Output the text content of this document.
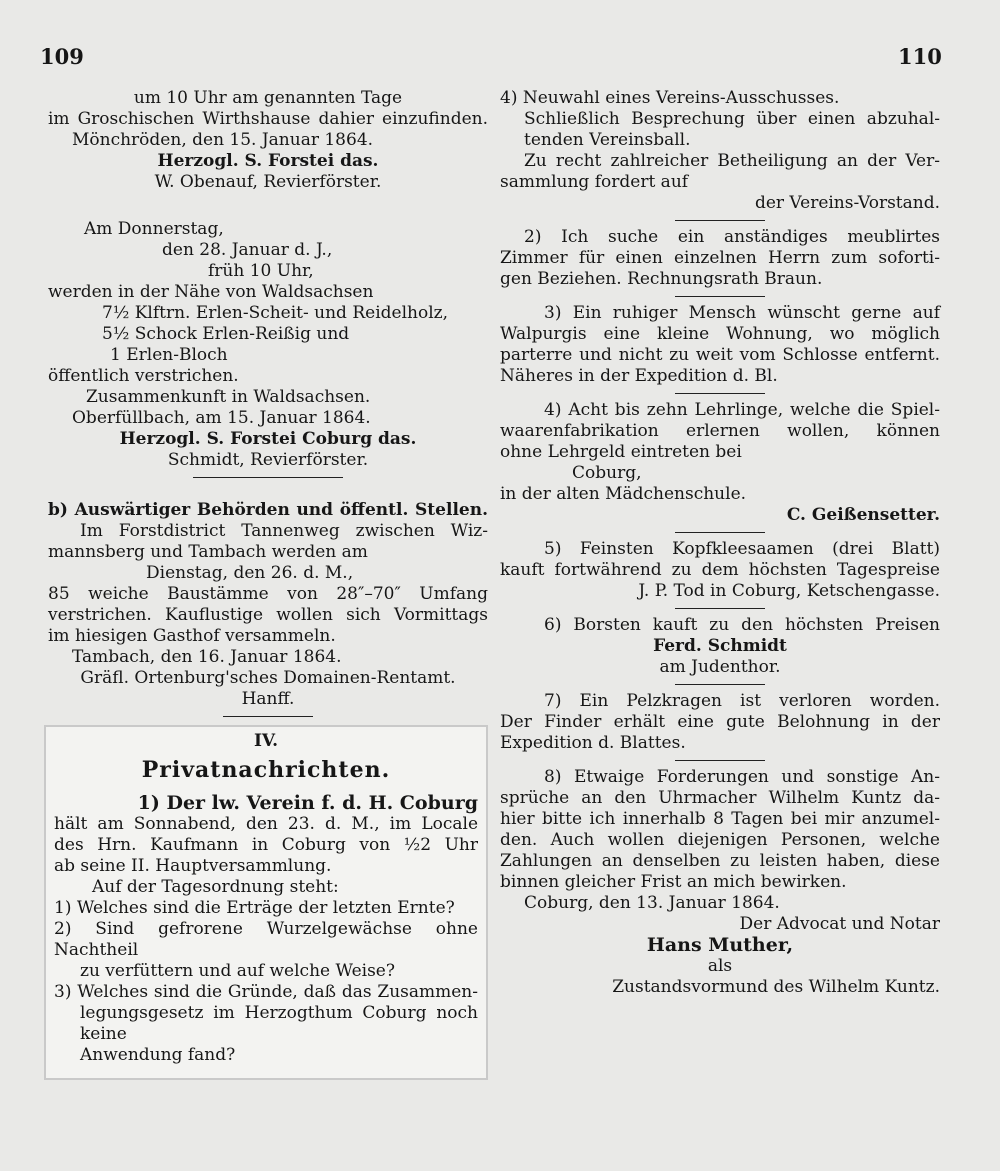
109	110
um 10 Uhr am genannten Tage
im Groschischen Wirthshause dahier einzufinden.
Mönchröden, den 15. Januar 1864.
Herzogl. S. Forstei das.
W. Obenauf, Revierförster.
Am Donnerstag,
den 28. Januar d. J.,
früh 10 Uhr,
werden in der Nähe von Waldsachsen
7½ Klftrn. Erlen-Scheit- und Reidelholz,
5½ Schock Erlen-Reißig und
1 Erlen-Bloch
öffentlich verstrichen.
Zusammenkunft in Waldsachsen.
Oberfüllbach, am 15. Januar 1864.
Herzogl. S. Forstei Coburg das.
Schmidt, Revierförster.
b) Auswärtiger Behörden und öffentl. Stellen.
Im Forstdistrict Tannenweg zwischen Wiz-
mannsberg und Tambach werden am
Dienstag, den 26. d. M.,
85 weiche Baustämme von 28″–70″ Umfang
verstrichen. Kauflustige wollen sich Vormittags
im hiesigen Gasthof versammeln.
Tambach, den 16. Januar 1864.
Gräfl. Ortenburg'sches Domainen-Rentamt.
Hanff.
IV.
Privatnachrichten.
1) Der lw. Verein f. d. H. Coburg
hält am Sonnabend, den 23. d. M., im Locale
des Hrn. Kaufmann in Coburg von ½2 Uhr
ab seine II. Hauptversammlung.
Auf der Tagesordnung steht:
1) Welches sind die Erträge der letzten Ernte?
2) Sind gefrorene Wurzelgewächse ohne Nachtheil
zu verfüttern und auf welche Weise?
3) Welches sind die Gründe, daß das Zusammen-
legungsgesetz im Herzogthum Coburg noch keine
Anwendung fand?
4) Neuwahl eines Vereins-Ausschusses.
Schließlich Besprechung über einen abzuhal-
tenden Vereinsball.
Zu recht zahlreicher Betheiligung an der Ver-
sammlung fordert auf
der Vereins-Vorstand.
2) Ich suche ein anständiges meublirtes
Zimmer für einen einzelnen Herrn zum soforti-
gen Beziehen. Rechnungsrath Braun.
3) Ein ruhiger Mensch wünscht gerne auf
Walpurgis eine kleine Wohnung, wo möglich
parterre und nicht zu weit vom Schlosse entfernt.
Näheres in der Expedition d. Bl.
4) Acht bis zehn Lehrlinge, welche die Spiel-
waarenfabrikation erlernen wollen, können
ohne Lehrgeld eintreten bei
Coburg,
in der alten Mädchenschule.
C. Geißensetter.
5) Feinsten Kopfkleesaamen (drei Blatt)
kauft fortwährend zu dem höchsten Tagespreise
J. P. Tod in Coburg, Ketschengasse.
6) Borsten kauft zu den höchsten Preisen
Ferd. Schmidt
am Judenthor.
7) Ein Pelzkragen ist verloren worden.
Der Finder erhält eine gute Belohnung in der
Expedition d. Blattes.
8) Etwaige Forderungen und sonstige An-
sprüche an den Uhrmacher Wilhelm Kuntz da-
hier bitte ich innerhalb 8 Tagen bei mir anzumel-
den. Auch wollen diejenigen Personen, welche
Zahlungen an denselben zu leisten haben, diese
binnen gleicher Frist an mich bewirken.
Coburg, den 13. Januar 1864.
Der Advocat und Notar
Hans Muther,
als
Zustandsvormund des Wilhelm Kuntz.
